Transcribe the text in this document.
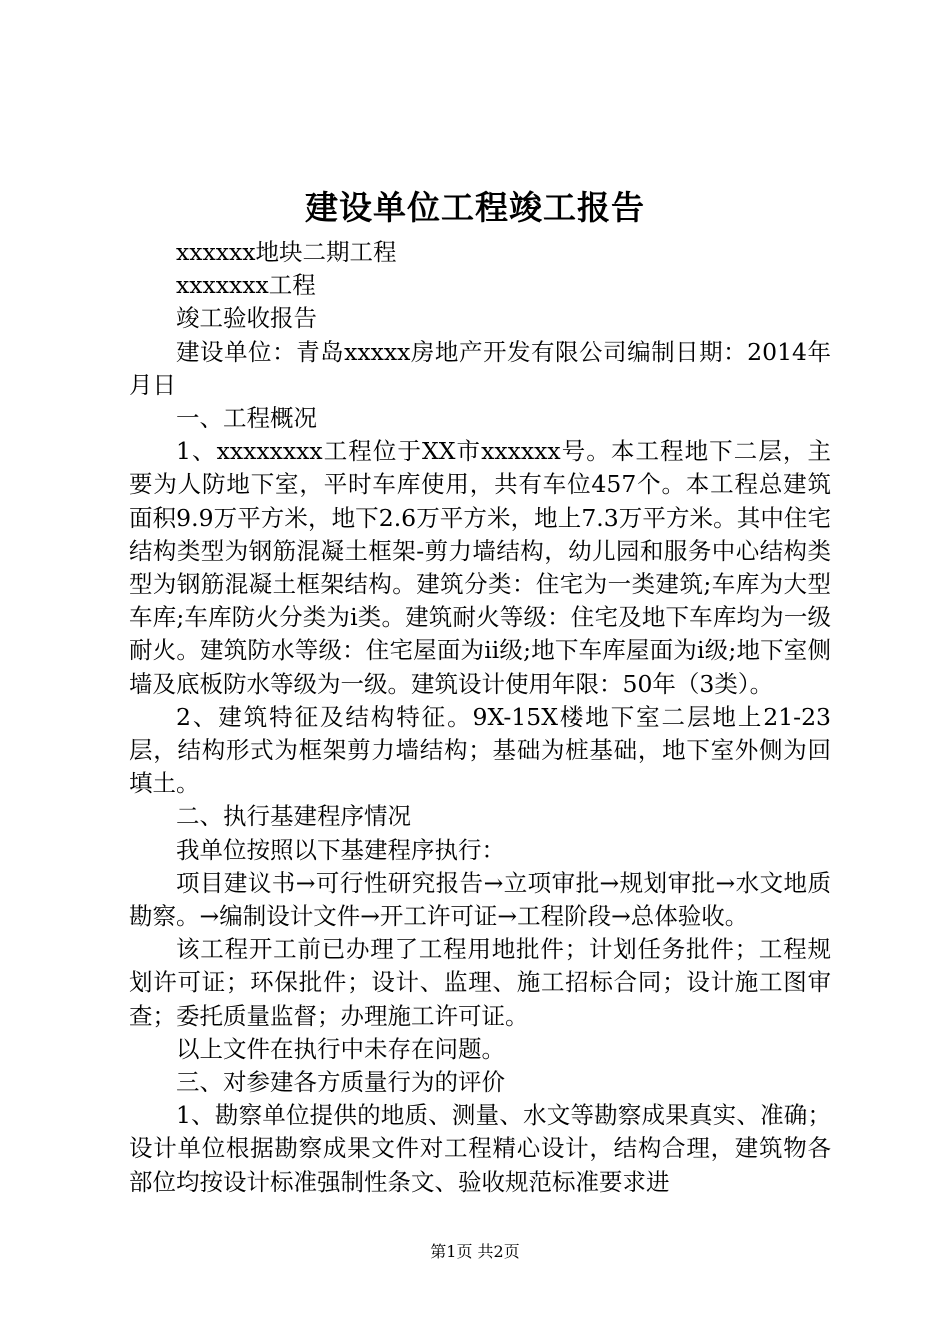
建设单位工程竣工报告

xxxxxx地块二期工程

xxxxxxx工程

竣工验收报告

建设单位：青岛xxxxx房地产开发有限公司编制日期：2014年月日

一、工程概况

1、xxxxxxxx工程位于XX市xxxxxx号。本工程地下二层，主要为人防地下室，平时车库使用，共有车位457个。本工程总建筑面积9.9万平方米，地下2.6万平方米，地上7.3万平方米。其中住宅结构类型为钢筋混凝土框架-剪力墙结构，幼儿园和服务中心结构类型为钢筋混凝土框架结构。建筑分类：住宅为一类建筑;车库为大型车库;车库防火分类为i类。建筑耐火等级：住宅及地下车库均为一级耐火。建筑防水等级：住宅屋面为ii级;地下车库屋面为i级;地下室侧墙及底板防水等级为一级。建筑设计使用年限：50年（3类）。

2、建筑特征及结构特征。9X-15X楼地下室二层地上21-23层，结构形式为框架剪力墙结构；基础为桩基础，地下室外侧为回填土。

二、执行基建程序情况

我单位按照以下基建程序执行：

项目建议书→可行性研究报告→立项审批→规划审批→水文地质勘察。→编制设计文件→开工许可证→工程阶段→总体验收。

该工程开工前已办理了工程用地批件；计划任务批件；工程规划许可证；环保批件；设计、监理、施工招标合同；设计施工图审查；委托质量监督；办理施工许可证。

以上文件在执行中未存在问题。

三、对参建各方质量行为的评价

1、勘察单位提供的地质、测量、水文等勘察成果真实、准确；设计单位根据勘察成果文件对工程精心设计，结构合理，建筑物各部位均按设计标准强制性条文、验收规范标准要求进

第1页 共2页
